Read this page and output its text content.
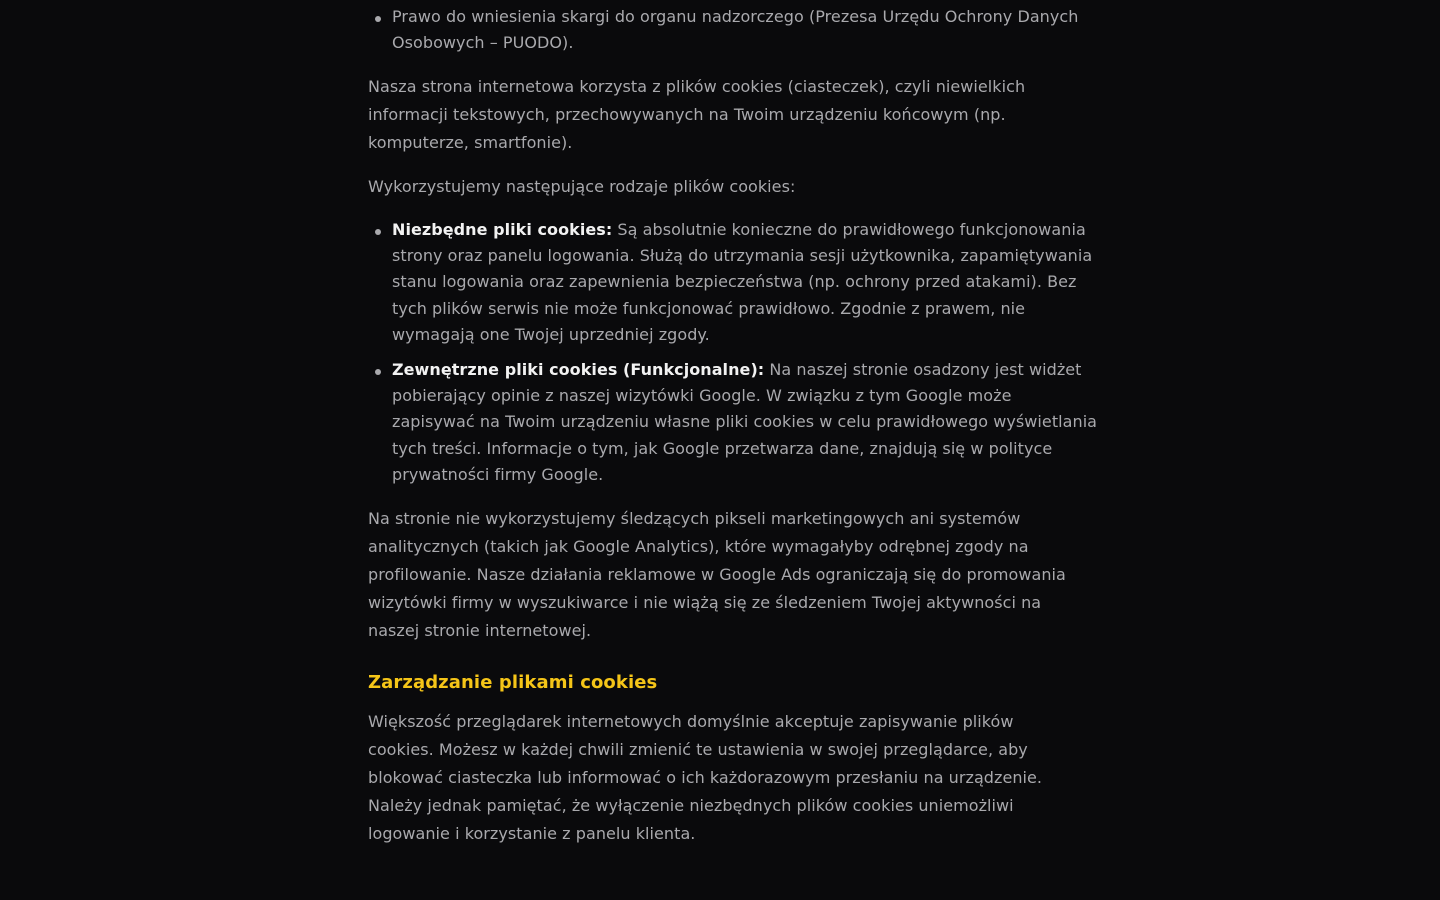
Prawo do wniesienia skargi do organu nadzorczego (Prezesa Urzędu Ochrony Danych Osobowych – PUODO).

Nasza strona internetowa korzysta z plików cookies (ciasteczek), czyli niewielkich informacji tekstowych, przechowywanych na Twoim urządzeniu końcowym (np. komputerze, smartfonie).

Wykorzystujemy następujące rodzaje plików cookies:

Niezbędne pliki cookies: Są absolutnie konieczne do prawidłowego funkcjonowania strony oraz panelu logowania. Służą do utrzymania sesji użytkownika, zapamiętywania stanu logowania oraz zapewnienia bezpieczeństwa (np. ochrony przed atakami). Bez tych plików serwis nie może funkcjonować prawidłowo. Zgodnie z prawem, nie wymagają one Twojej uprzedniej zgody.
Zewnętrzne pliki cookies (Funkcjonalne): Na naszej stronie osadzony jest widżet pobierający opinie z naszej wizytówki Google. W związku z tym Google może zapisywać na Twoim urządzeniu własne pliki cookies w celu prawidłowego wyświetlania tych treści. Informacje o tym, jak Google przetwarza dane, znajdują się w polityce prywatności firmy Google.

Na stronie nie wykorzystujemy śledzących pikseli marketingowych ani systemów analitycznych (takich jak Google Analytics), które wymagałyby odrębnej zgody na profilowanie. Nasze działania reklamowe w Google Ads ograniczają się do promowania wizytówki firmy w wyszukiwarce i nie wiążą się ze śledzeniem Twojej aktywności na naszej stronie internetowej.

Zarządzanie plikami cookies

Większość przeglądarek internetowych domyślnie akceptuje zapisywanie plików cookies. Możesz w każdej chwili zmienić te ustawienia w swojej przeglądarce, aby blokować ciasteczka lub informować o ich każdorazowym przesłaniu na urządzenie. Należy jednak pamiętać, że wyłączenie niezbędnych plików cookies uniemożliwi logowanie i korzystanie z panelu klienta.
